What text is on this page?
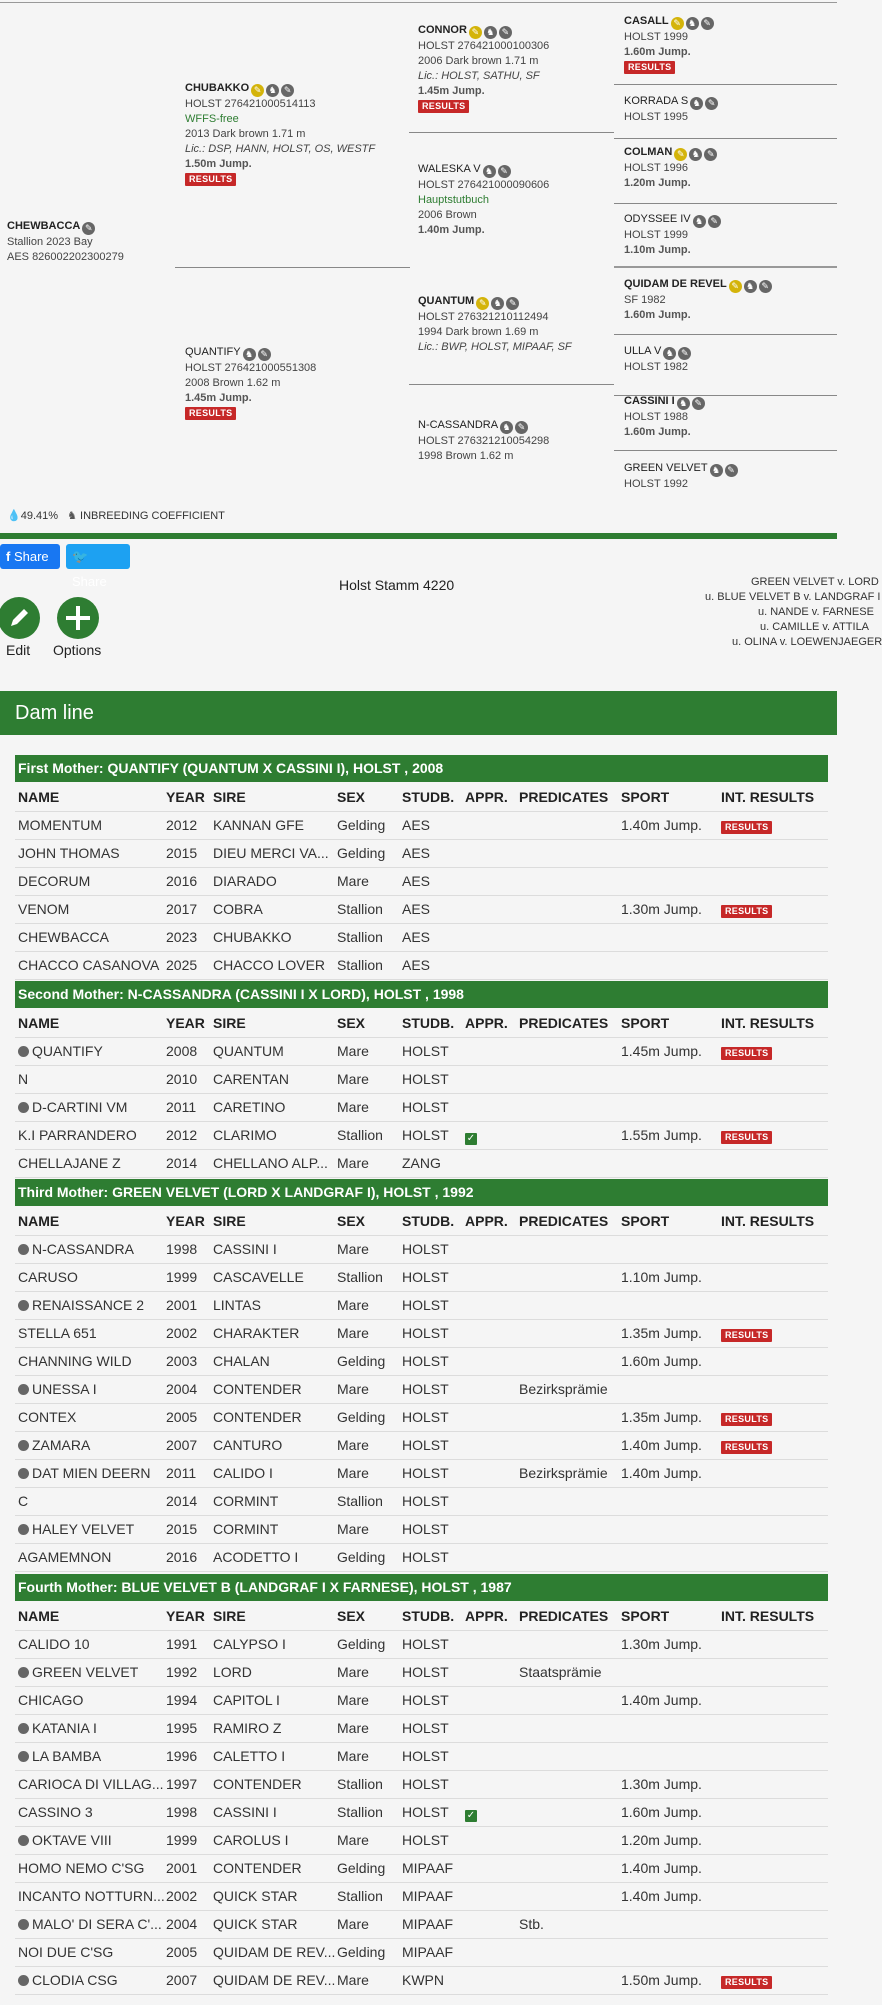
CHEWBACCA ✎
Stallion 2023 Bay
AES 826002202300279
CHUBAKKO ✎ ♞ ✎
HOLST 276421000514113
WFFS-free
2013 Dark brown 1.71 m
Lic.: DSP, HANN, HOLST, OS, WESTF
1.50m Jump.
RESULTS
QUANTIFY ♞ ✎
HOLST 276421000551308
2008 Brown 1.62 m
1.45m Jump.
RESULTS
CONNOR ✎ ♞ ✎
HOLST 276421000100306
2006 Dark brown 1.71 m
Lic.: HOLST, SATHU, SF
1.45m Jump.
RESULTS
WALESKA V ♞ ✎
HOLST 276421000090606
Hauptstutbuch
2006 Brown
1.40m Jump.
QUANTUM ✎ ♞ ✎
HOLST 276321210112494
1994 Dark brown 1.69 m
Lic.: BWP, HOLST, MIPAAF, SF
N-CASSANDRA ♞ ✎
HOLST 276321210054298
1998 Brown 1.62 m
CASALL ✎ ♞ ✎
HOLST 1999
1.60m Jump.
RESULTS
KORRADA S ♞ ✎
HOLST 1995
COLMAN ✎ ♞ ✎
HOLST 1996
1.20m Jump.
ODYSSEE IV ♞ ✎
HOLST 1999
1.10m Jump.
QUIDAM DE REVEL ✎ ♞ ✎
SF 1982
1.60m Jump.
ULLA V ♞ ✎
HOLST 1982
CASSINI I ♞ ✎
HOLST 1988
1.60m Jump.
GREEN VELVET ♞ ✎
HOLST 1992
💧49.41% ♞ INBREEDING COEFFICIENT
f Share	🐦 Share	Holst Stamm 4220	GREEN VELVET v. LORD
u. BLUE VELVET B v. LANDGRAF I
u. NANDE v. FARNESE
u. CAMILLE v. ATTILA
u. OLINA v. LOEWENJAEGER
Edit Options
Dam line
First Mother: QUANTIFY (QUANTUM X CASSINI I), HOLST , 2008
NAME	YEAR SIRE	SEX	STUDB. APPR. PREDICATES SPORT	INT. RESULTS
MOMENTUM	2012	KANNAN GFE	Gelding	AES	1.40m Jump.	RESULTS
JOHN THOMAS	2015	DIEU MERCI VA... Gelding	AES
DECORUM	2016	DIARADO	Mare	AES
VENOM	2017	COBRA	Stallion	AES	1.30m Jump.	RESULTS
CHEWBACCA	2023	CHUBAKKO	Stallion	AES
CHACCO CASANOVA 2025	CHACCO LOVER Stallion	AES
Second Mother: N-CASSANDRA (CASSINI I X LORD), HOLST , 1998
NAME	YEAR SIRE	SEX	STUDB. APPR. PREDICATES SPORT	INT. RESULTS
QUANTIFY	2008	QUANTUM	Mare	HOLST	1.45m Jump.	RESULTS
N	2010	CARENTAN	Mare	HOLST
D-CARTINI VM	2011	CARETINO	Mare	HOLST
K.I PARRANDERO	2012	CLARIMO	Stallion	HOLST	✓	1.55m Jump.	RESULTS
CHELLAJANE Z	2014	CHELLANO ALP... Mare	ZANG
Third Mother: GREEN VELVET (LORD X LANDGRAF I), HOLST , 1992
NAME	YEAR SIRE	SEX	STUDB. APPR. PREDICATES SPORT	INT. RESULTS
N-CASSANDRA	1998	CASSINI I	Mare	HOLST
CARUSO	1999	CASCAVELLE	Stallion	HOLST	1.10m Jump.
RENAISSANCE 2	2001	LINTAS	Mare	HOLST
STELLA 651	2002	CHARAKTER	Mare	HOLST	1.35m Jump.	RESULTS
CHANNING WILD	2003	CHALAN	Gelding	HOLST	1.60m Jump.
UNESSA I	2004	CONTENDER	Mare	HOLST	Bezirksprämie
CONTEX	2005	CONTENDER	Gelding	HOLST	1.35m Jump.	RESULTS
ZAMARA	2007	CANTURO	Mare	HOLST	1.40m Jump.	RESULTS
DAT MIEN DEERN	2011	CALIDO I	Mare	HOLST	Bezirksprämie 1.40m Jump.
C	2014	CORMINT	Stallion	HOLST
HALEY VELVET	2015	CORMINT	Mare	HOLST
AGAMEMNON	2016	ACODETTO I	Gelding	HOLST
Fourth Mother: BLUE VELVET B (LANDGRAF I X FARNESE), HOLST , 1987
NAME	YEAR SIRE	SEX	STUDB. APPR. PREDICATES SPORT	INT. RESULTS
CALIDO 10	1991	CALYPSO I	Gelding	HOLST	1.30m Jump.
GREEN VELVET	1992	LORD	Mare	HOLST	Staatsprämie
CHICAGO	1994	CAPITOL I	Mare	HOLST	1.40m Jump.
KATANIA I	1995	RAMIRO Z	Mare	HOLST
LA BAMBA	1996	CALETTO I	Mare	HOLST
CARIOCA DI VILLAG... 1997	CONTENDER	Stallion	HOLST	1.30m Jump.
CASSINO 3	1998	CASSINI I	Stallion	HOLST	✓	1.60m Jump.
OKTAVE VIII	1999	CAROLUS I	Mare	HOLST	1.20m Jump.
HOMO NEMO C'SG	2001	CONTENDER	Gelding	MIPAAF	1.40m Jump.
INCANTO NOTTURN... 2002	QUICK STAR	Stallion	MIPAAF	1.40m Jump.
MALO' DI SERA C'... 2004	QUICK STAR	Mare	MIPAAF	Stb.
NOI DUE C'SG	2005	QUIDAM DE REV... Gelding	MIPAAF
CLODIA CSG	2007	QUIDAM DE REV... Mare	KWPN	1.50m Jump.	RESULTS
